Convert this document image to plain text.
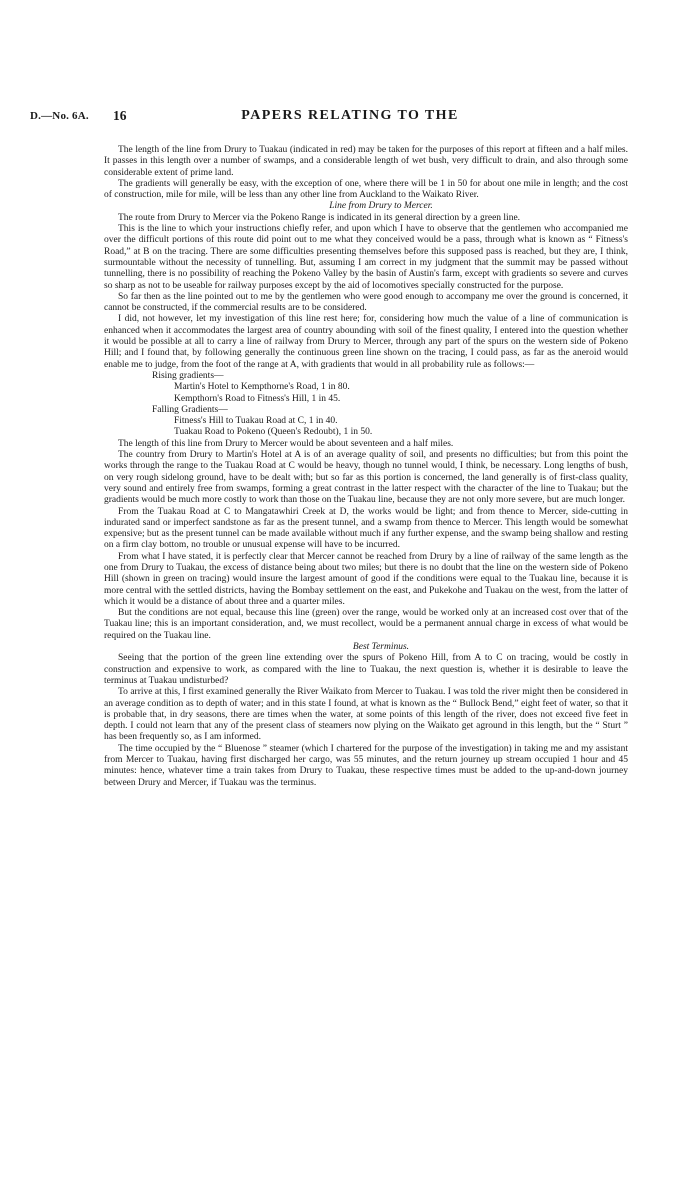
D.—No. 6A. 16	PAPERS RELATING TO THE

The length of the line from Drury to Tuakau (indicated in red) may be taken for the purposes of this report at fifteen and a half miles. It passes in this length over a number of swamps, and a considerable length of wet bush, very difficult to drain, and also through some considerable extent of prime land.

The gradients will generally be easy, with the exception of one, where there will be 1 in 50 for about one mile in length; and the cost of construction, mile for mile, will be less than any other line from Auckland to the Waikato River.

Line from Drury to Mercer.

The route from Drury to Mercer via the Pokeno Range is indicated in its general direction by a green line.

This is the line to which your instructions chiefly refer, and upon which I have to observe that the gentlemen who accompanied me over the difficult portions of this route did point out to me what they conceived would be a pass, through what is known as “ Fitness's Road,” at B on the tracing. There are some difficulties presenting themselves before this supposed pass is reached, but they are, I think, surmountable without the necessity of tunnelling. But, assuming I am correct in my judgment that the summit may be passed without tunnelling, there is no possibility of reaching the Pokeno Valley by the basin of Austin's farm, except with gradients so severe and curves so sharp as not to be useable for railway purposes except by the aid of locomotives specially constructed for the purpose.

So far then as the line pointed out to me by the gentlemen who were good enough to accompany me over the ground is concerned, it cannot be constructed, if the commercial results are to be considered.

I did, not however, let my investigation of this line rest here; for, considering how much the value of a line of communication is enhanced when it accommodates the largest area of country abounding with soil of the finest quality, I entered into the question whether it would be possible at all to carry a line of railway from Drury to Mercer, through any part of the spurs on the western side of Pokeno Hill; and I found that, by following generally the continuous green line shown on the tracing, I could pass, as far as the aneroid would enable me to judge, from the foot of the range at A, with gradients that would in all probability rule as follows:—

Rising gradients—
Martin's Hotel to Kempthorne's Road, 1 in 80.
Kempthorn's Road to Fitness's Hill, 1 in 45.
Falling Gradients—
Fitness's Hill to Tuakau Road at C, 1 in 40.
Tuakau Road to Pokeno (Queen's Redoubt), 1 in 50.

The length of this line from Drury to Mercer would be about seventeen and a half miles.

The country from Drury to Martin's Hotel at A is of an average quality of soil, and presents no difficulties; but from this point the works through the range to the Tuakau Road at C would be heavy, though no tunnel would, I think, be necessary. Long lengths of bush, on very rough sidelong ground, have to be dealt with; but so far as this portion is concerned, the land generally is of first-class quality, very sound and entirely free from swamps, forming a great contrast in the latter respect with the character of the line to Tuakau; but the gradients would be much more costly to work than those on the Tuakau line, because they are not only more severe, but are much longer.

From the Tuakau Road at C to Mangatawhiri Creek at D, the works would be light; and from thence to Mercer, side-cutting in indurated sand or imperfect sandstone as far as the present tunnel, and a swamp from thence to Mercer. This length would be somewhat expensive; but as the present tunnel can be made available without much if any further expense, and the swamp being shallow and resting on a firm clay bottom, no trouble or unusual expense will have to be incurred.

From what I have stated, it is perfectly clear that Mercer cannot be reached from Drury by a line of railway of the same length as the one from Drury to Tuakau, the excess of distance being about two miles; but there is no doubt that the line on the western side of Pokeno Hill (shown in green on tracing) would insure the largest amount of good if the conditions were equal to the Tuakau line, because it is more central with the settled districts, having the Bombay settlement on the east, and Pukekohe and Tuakau on the west, from the latter of which it would be a distance of about three and a quarter miles.

But the conditions are not equal, because this line (green) over the range, would be worked only at an increased cost over that of the Tuakau line; this is an important consideration, and, we must recollect, would be a permanent annual charge in excess of what would be required on the Tuakau line.

Best Terminus.

Seeing that the portion of the green line extending over the spurs of Pokeno Hill, from A to C on tracing, would be costly in construction and expensive to work, as compared with the line to Tuakau, the next question is, whether it is desirable to leave the terminus at Tuakau undisturbed?

To arrive at this, I first examined generally the River Waikato from Mercer to Tuakau. I was told the river might then be considered in an average condition as to depth of water; and in this state I found, at what is known as the “ Bullock Bend,” eight feet of water, so that it is probable that, in dry seasons, there are times when the water, at some points of this length of the river, does not exceed five feet in depth. I could not learn that any of the present class of steamers now plying on the Waikato get aground in this length, but the “ Sturt ” has been frequently so, as I am informed.

The time occupied by the “ Bluenose ” steamer (which I chartered for the purpose of the investigation) in taking me and my assistant from Mercer to Tuakau, having first discharged her cargo, was 55 minutes, and the return journey up stream occupied 1 hour and 45 minutes: hence, whatever time a train takes from Drury to Tuakau, these respective times must be added to the up-and-down journey between Drury and Mercer, if Tuakau was the terminus.
